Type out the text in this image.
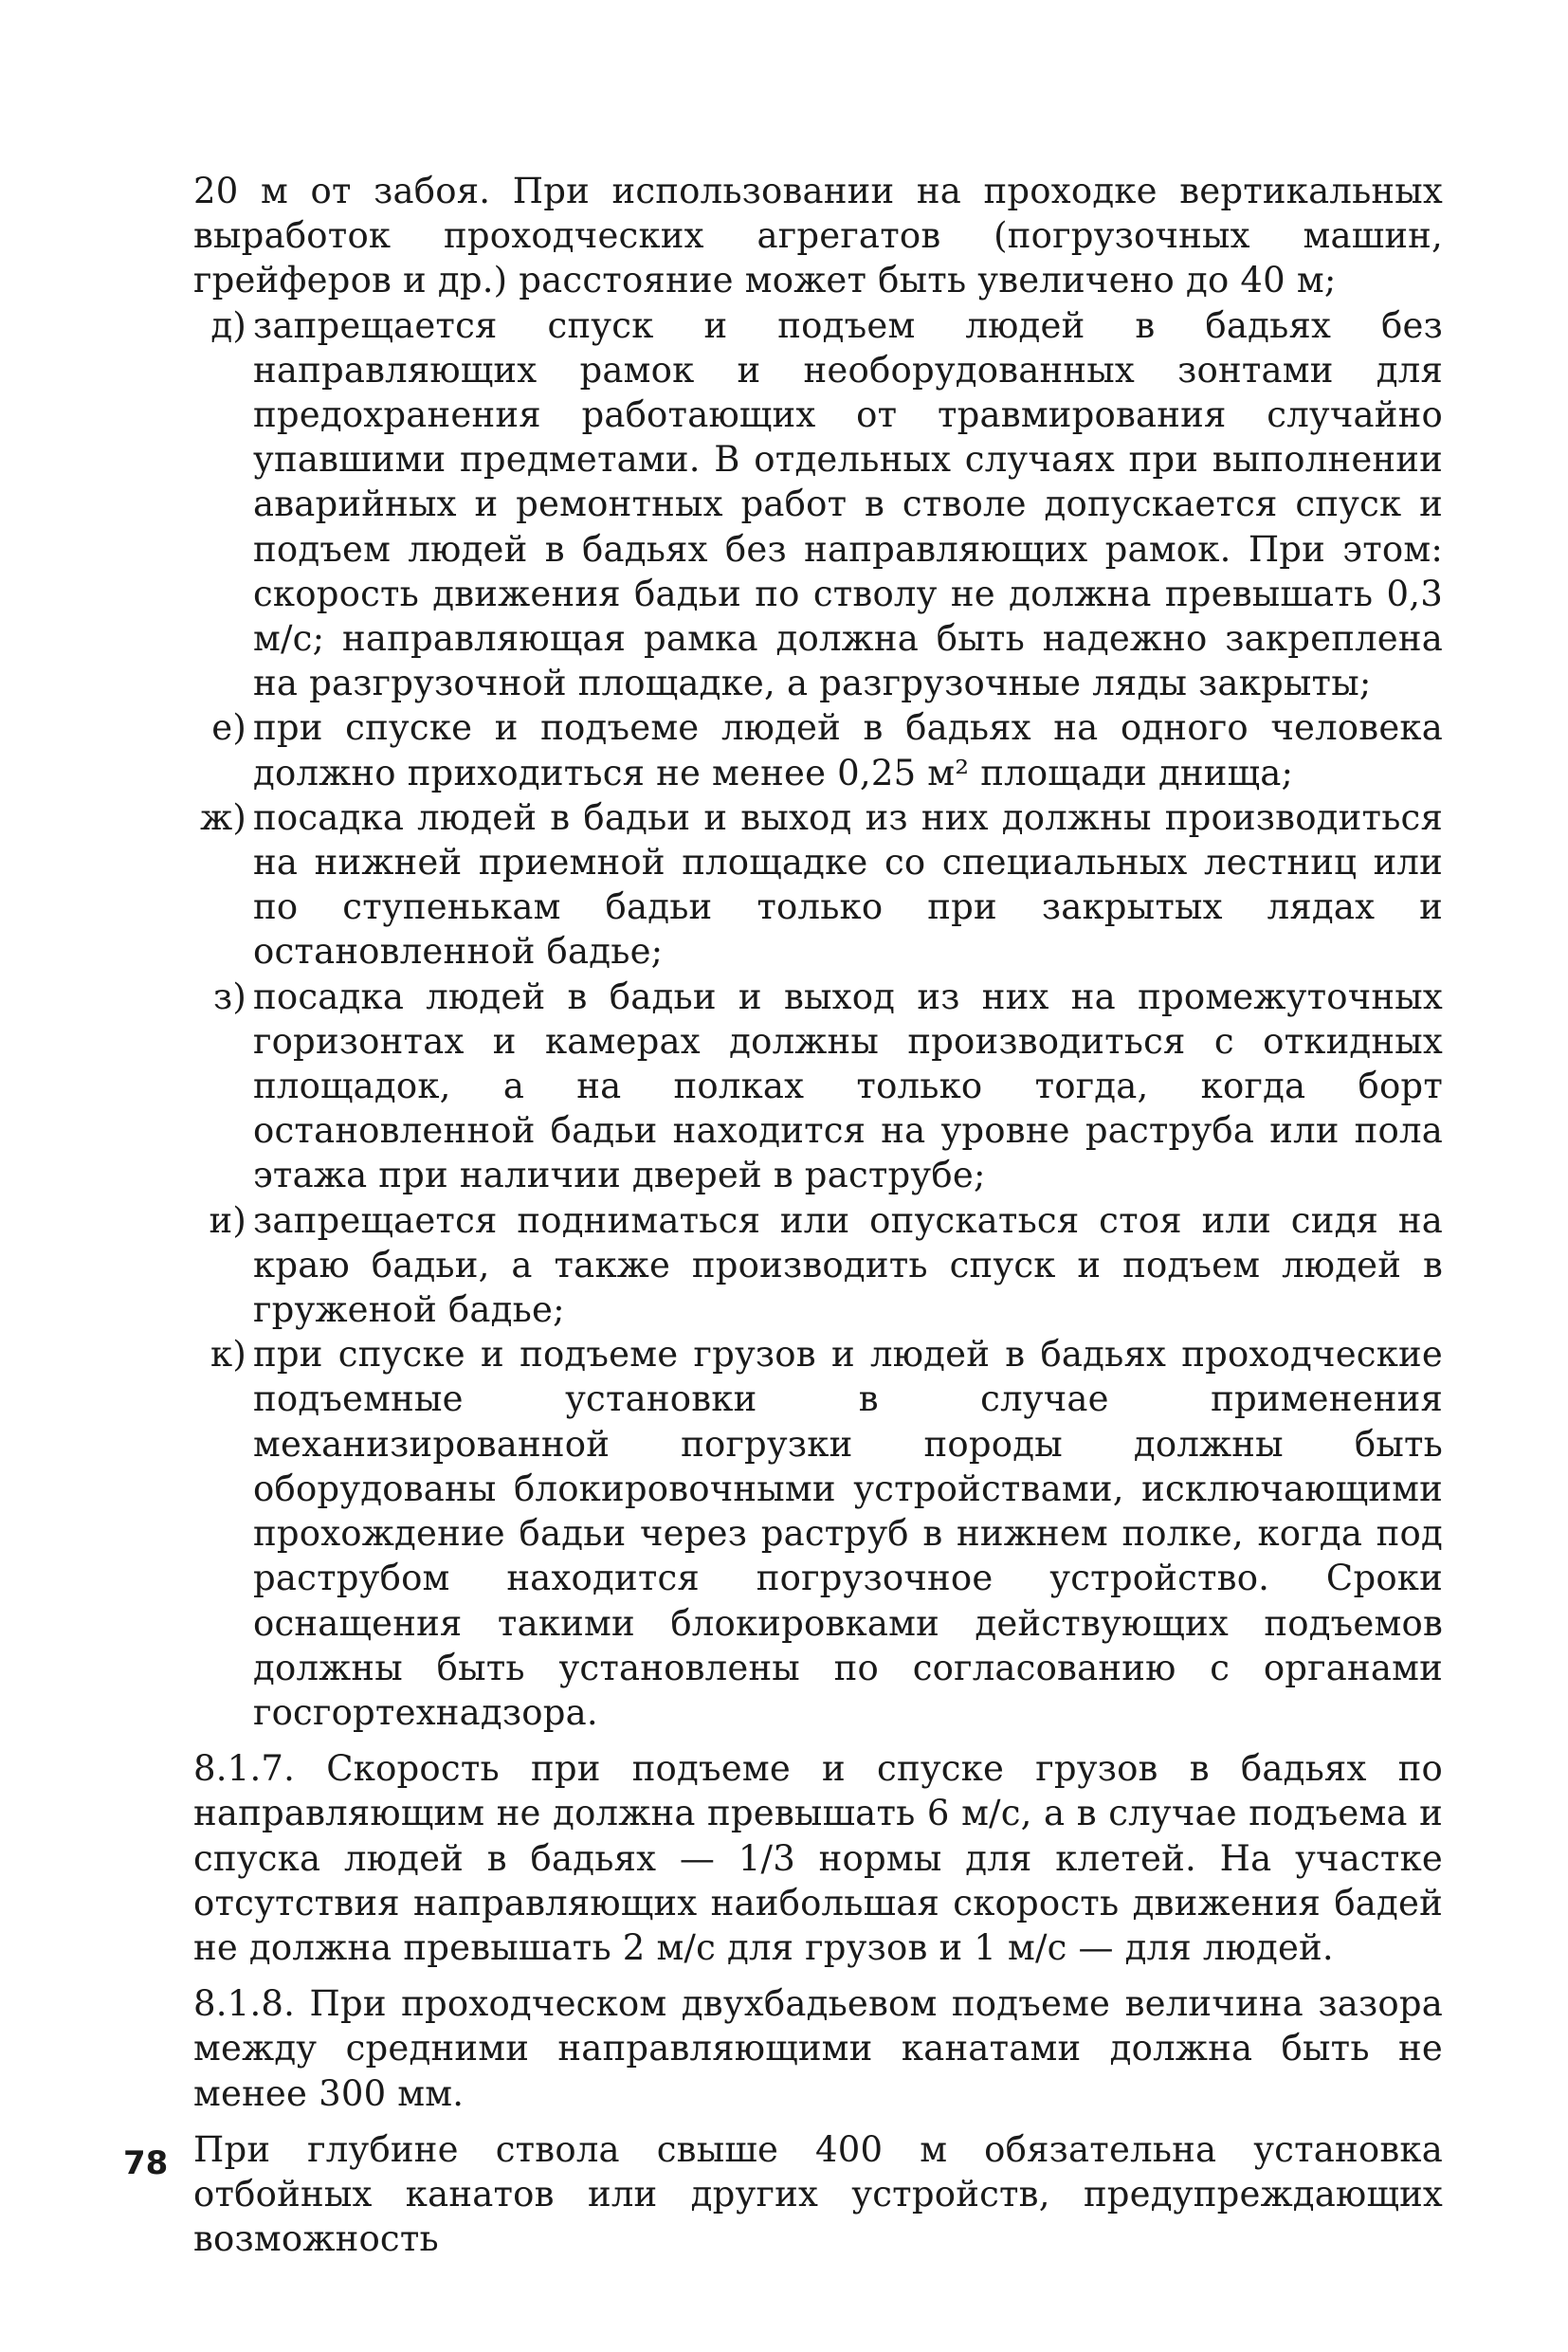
20 м от забоя. При использовании на проходке вертикальных выработок проходческих агрегатов (погрузочных машин, грейферов и др.) расстояние может быть увеличено до 40 м;

д) запрещается спуск и подъем людей в бадьях без направляющих рамок и необорудованных зонтами для предохранения работающих от травмирования случайно упавшими предметами. В отдельных случаях при выполнении аварийных и ремонтных работ в стволе допускается спуск и подъем людей в бадьях без направляющих рамок. При этом: скорость движения бадьи по стволу не должна превышать 0,3 м/с; направляющая рамка должна быть надежно закреплена на разгрузочной площадке, а разгрузочные ляды закрыты;
е) при спуске и подъеме людей в бадьях на одного человека должно приходиться не менее 0,25 м² площади днища;
ж) посадка людей в бадьи и выход из них должны производиться на нижней приемной площадке со специальных лестниц или по ступенькам бадьи только при закрытых лядах и остановленной бадье;
з) посадка людей в бадьи и выход из них на промежуточных горизонтах и камерах должны производиться с откидных площадок, а на полках только тогда, когда борт остановленной бадьи находится на уровне раструба или пола этажа при наличии дверей в раструбе;
и) запрещается подниматься или опускаться стоя или сидя на краю бадьи, а также производить спуск и подъем людей в груженой бадье;
к) при спуске и подъеме грузов и людей в бадьях проходческие подъемные установки в случае применения механизированной погрузки породы должны быть оборудованы блокировочными устройствами, исключающими прохождение бадьи через раструб в нижнем полке, когда под раструбом находится погрузочное устройство. Сроки оснащения такими блокировками действующих подъемов должны быть установлены по согласованию с органами госгортехнадзора.

8.1.7. Скорость при подъеме и спуске грузов в бадьях по направляющим не должна превышать 6 м/с, а в случае подъема и спуска людей в бадьях — 1/3 нормы для клетей. На участке отсутствия направляющих наибольшая скорость движения бадей не должна превышать 2 м/с для грузов и 1 м/с — для людей.

8.1.8. При проходческом двухбадьевом подъеме величина зазора между средними направляющими канатами должна быть не менее 300 мм.

При глубине ствола свыше 400 м обязательна установка отбойных канатов или других устройств, предупреждающих возможность

78
